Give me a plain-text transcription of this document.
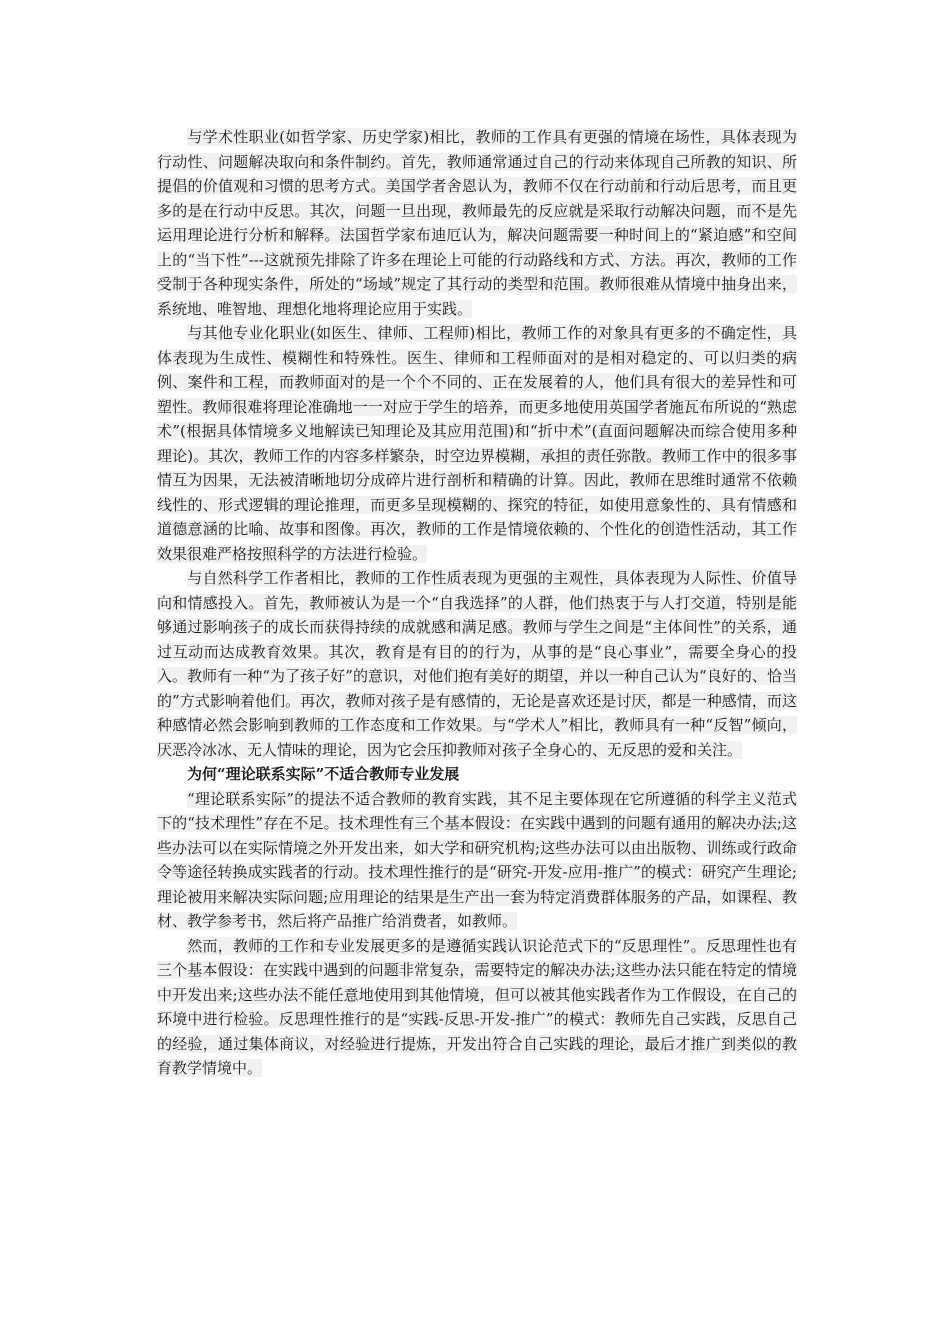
与学术性职业(如哲学家、历史学家)相比，教师的工作具有更强的情境在场性，具体表现为行动性、问题解决取向和条件制约。首先，教师通常通过自己的行动来体现自己所教的知识、所提倡的价值观和习惯的思考方式。美国学者舍恩认为，教师不仅在行动前和行动后思考，而且更多的是在行动中反思。其次，问题一旦出现，教师最先的反应就是采取行动解决问题，而不是先运用理论进行分析和解释。法国哲学家布迪厄认为，解决问题需要一种时间上的“紧迫感”和空间上的“当下性”---这就预先排除了许多在理论上可能的行动路线和方式、方法。再次，教师的工作受制于各种现实条件，所处的“场域”规定了其行动的类型和范围。教师很难从情境中抽身出来，系统地、唯智地、理想化地将理论应用于实践。

与其他专业化职业(如医生、律师、工程师)相比，教师工作的对象具有更多的不确定性，具体表现为生成性、模糊性和特殊性。医生、律师和工程师面对的是相对稳定的、可以归类的病例、案件和工程，而教师面对的是一个个不同的、正在发展着的人，他们具有很大的差异性和可塑性。教师很难将理论准确地一一对应于学生的培养，而更多地使用英国学者施瓦布所说的“熟虑术”(根据具体情境多义地解读已知理论及其应用范围)和“折中术”(直面问题解决而综合使用多种理论)。其次，教师工作的内容多样繁杂，时空边界模糊，承担的责任弥散。教师工作中的很多事情互为因果，无法被清晰地切分成碎片进行剖析和精确的计算。因此，教师在思维时通常不依赖线性的、形式逻辑的理论推理，而更多呈现模糊的、探究的特征，如使用意象性的、具有情感和道德意涵的比喻、故事和图像。再次，教师的工作是情境依赖的、个性化的创造性活动，其工作效果很难严格按照科学的方法进行检验。

与自然科学工作者相比，教师的工作性质表现为更强的主观性，具体表现为人际性、价值导向和情感投入。首先，教师被认为是一个“自我选择”的人群，他们热衷于与人打交道，特别是能够通过影响孩子的成长而获得持续的成就感和满足感。教师与学生之间是“主体间性”的关系，通过互动而达成教育效果。其次，教育是有目的的行为，从事的是“良心事业”，需要全身心的投入。教师有一种“为了孩子好”的意识，对他们抱有美好的期望，并以一种自己认为“良好的、恰当的”方式影响着他们。再次，教师对孩子是有感情的，无论是喜欢还是讨厌，都是一种感情，而这种感情必然会影响到教师的工作态度和工作效果。与“学术人”相比，教师具有一种“反智”倾向，厌恶冷冰冰、无人情味的理论，因为它会压抑教师对孩子全身心的、无反思的爱和关注。

为何“理论联系实际”不适合教师专业发展

“理论联系实际”的提法不适合教师的教育实践，其不足主要体现在它所遵循的科学主义范式下的“技术理性”存在不足。技术理性有三个基本假设：在实践中遇到的问题有通用的解决办法;这些办法可以在实际情境之外开发出来，如大学和研究机构;这些办法可以由出版物、训练或行政命令等途径转换成实践者的行动。技术理性推行的是“研究-开发-应用-推广”的模式：研究产生理论;理论被用来解决实际问题;应用理论的结果是生产出一套为特定消费群体服务的产品，如课程、教材、教学参考书，然后将产品推广给消费者，如教师。

然而，教师的工作和专业发展更多的是遵循实践认识论范式下的“反思理性”。反思理性也有三个基本假设：在实践中遇到的问题非常复杂，需要特定的解决办法;这些办法只能在特定的情境中开发出来;这些办法不能任意地使用到其他情境，但可以被其他实践者作为工作假设，在自己的环境中进行检验。反思理性推行的是“实践-反思-开发-推广”的模式：教师先自己实践，反思自己的经验，通过集体商议，对经验进行提炼，开发出符合自己实践的理论，最后才推广到类似的教育教学情境中。
